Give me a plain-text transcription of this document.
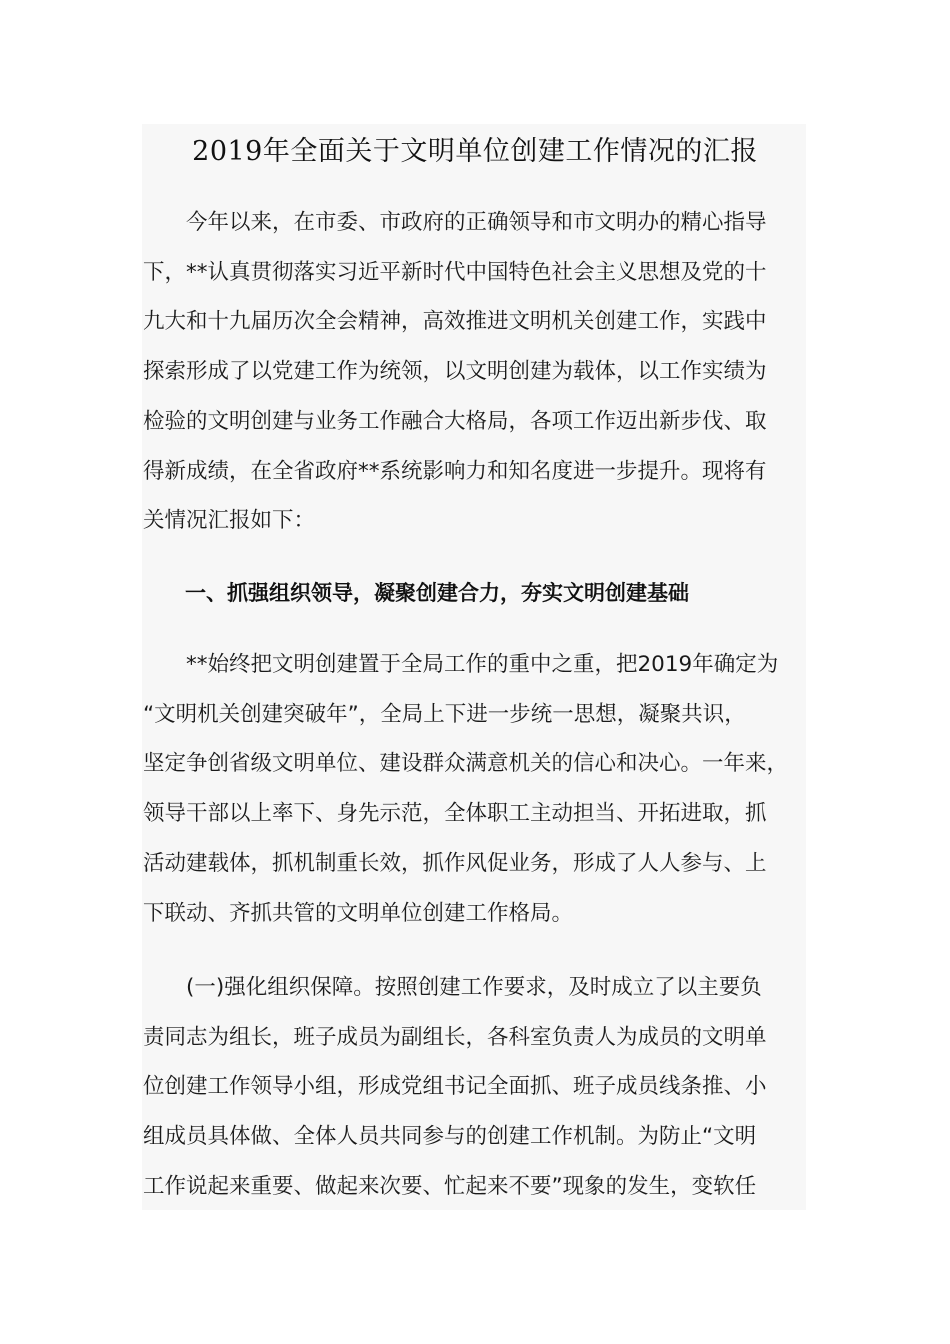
2019年全面关于文明单位创建工作情况的汇报
今年以来，在市委、市政府的正确领导和市文明办的精心指导
下，**认真贯彻落实习近平新时代中国特色社会主义思想及党的十
九大和十九届历次全会精神，高效推进文明机关创建工作，实践中
探索形成了以党建工作为统领，以文明创建为载体，以工作实绩为
检验的文明创建与业务工作融合大格局，各项工作迈出新步伐、取
得新成绩，在全省政府**系统影响力和知名度进一步提升。现将有
关情况汇报如下：
一、抓强组织领导，凝聚创建合力，夯实文明创建基础
**始终把文明创建置于全局工作的重中之重，把2019年确定为
“文明机关创建突破年”，全局上下进一步统一思想，凝聚共识，
坚定争创省级文明单位、建设群众满意机关的信心和决心。一年来，
领导干部以上率下、身先示范，全体职工主动担当、开拓进取，抓
活动建载体，抓机制重长效，抓作风促业务，形成了人人参与、上
下联动、齐抓共管的文明单位创建工作格局。
(一)强化组织保障。按照创建工作要求，及时成立了以主要负
责同志为组长，班子成员为副组长，各科室负责人为成员的文明单
位创建工作领导小组，形成党组书记全面抓、班子成员线条推、小
组成员具体做、全体人员共同参与的创建工作机制。为防止“文明
工作说起来重要、做起来次要、忙起来不要”现象的发生，变软任
